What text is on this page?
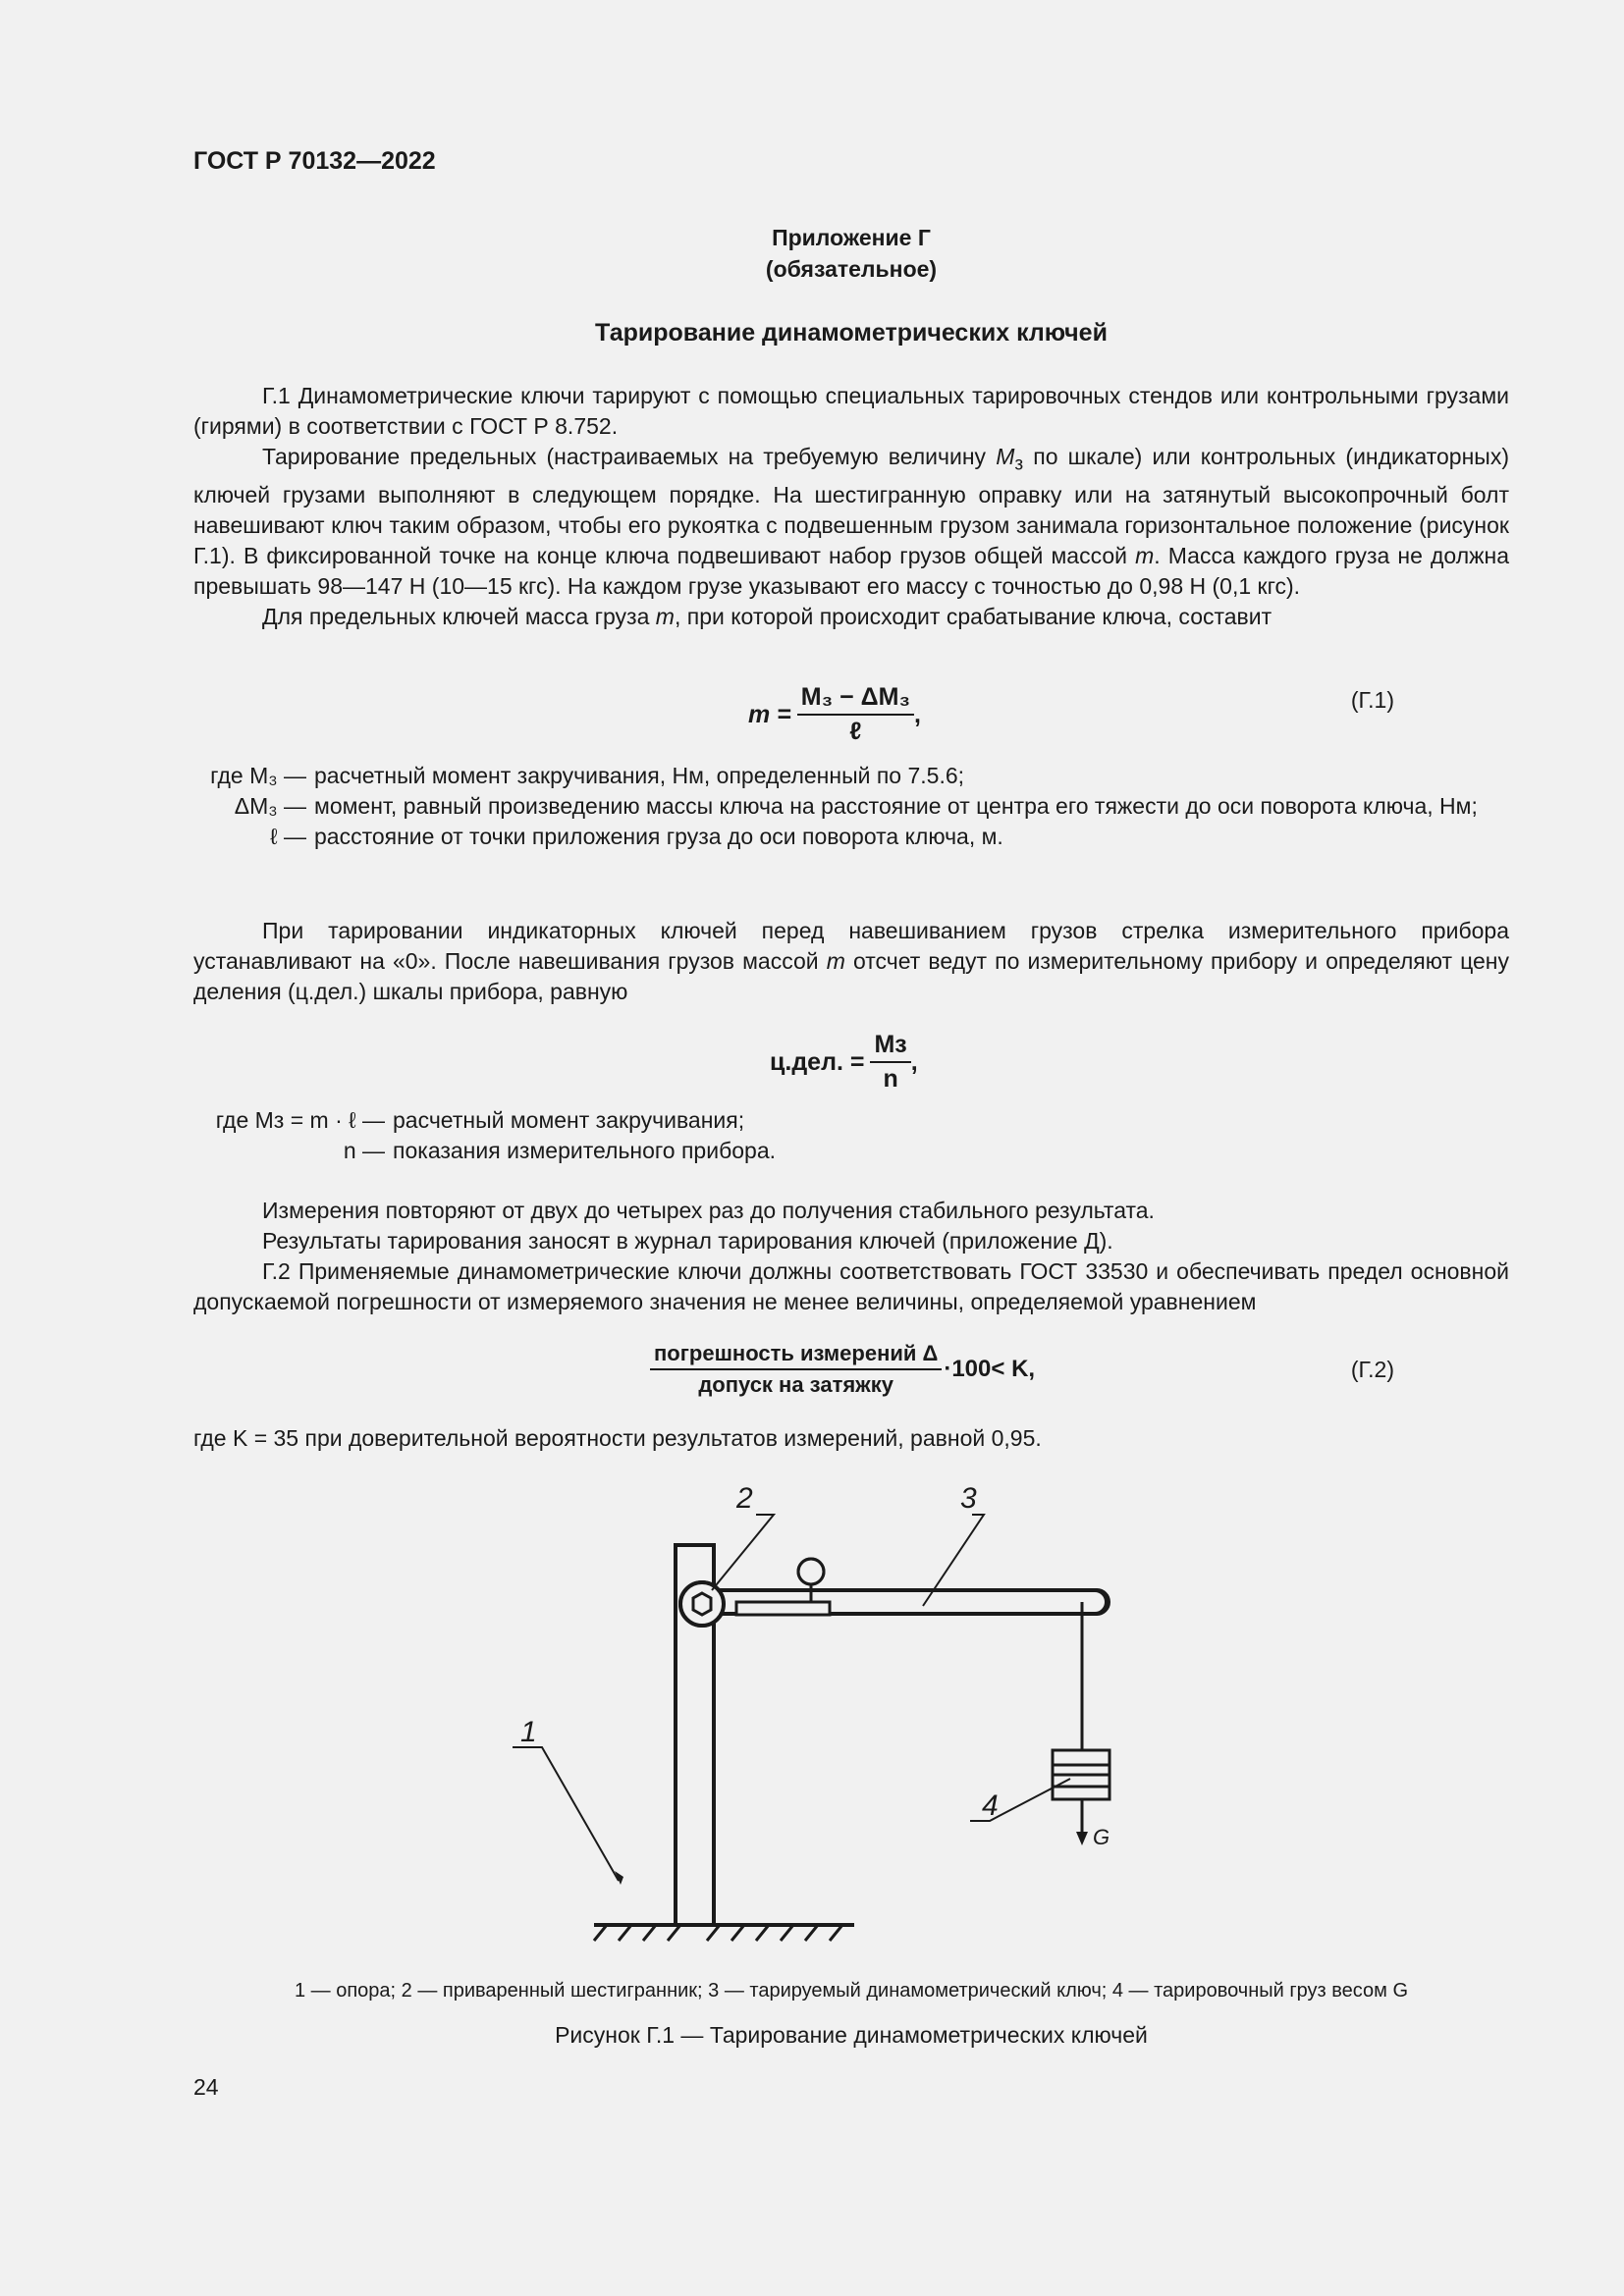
ГОСТ Р 70132—2022
Приложение Г
(обязательное)
Тарирование динамометрических ключей

Г.1 Динамометрические ключи тарируют с помощью специальных тарировочных стендов или контрольными грузами (гирями) в соответствии с ГОСТ Р 8.752.

Тарирование предельных (настраиваемых на требуемую величину $М_з$ по шкале) или контрольных (индикаторных) ключей грузами выполняют в следующем порядке. На шестигранную оправку или на затянутый высокопрочный болт навешивают ключ таким образом, чтобы его рукоятка с подвешенным грузом занимала горизонтальное положение (рисунок Г.1). В фиксированной точке на конце ключа подвешивают набор грузов общей массой m. Масса каждого груза не должна превышать 98—147 Н (10—15 кгс). На каждом грузе указывают его массу с точностью до 0,98 Н (0,1 кгс).

Для предельных ключей масса груза m, при которой происходит срабатывание ключа, составит

$m = \frac{\text{M₃ − ΔM₃}}{\text{ℓ}}$ ,
(Г.1)
где M₃ — расчетный момент закручивания, Нм, определенный по 7.5.6;
ΔM₃ — момент, равный произведению массы ключа на расстояние от центра его тяжести до оси поворота ключа, Нм;
ℓ — расстояние от точки приложения груза до оси поворота ключа, м.

При тарировании индикаторных ключей перед навешиванием грузов стрелка измерительного прибора устанавливают на «0». После навешивания грузов массой m отсчет ведут по измерительному прибору и определяют цену деления (ц.дел.) шкалы прибора, равную

ц.дел. = $\frac{Mз}{n}$ ,
где Mз = m · ℓ — расчетный момент закручивания;
n — показания измерительного прибора.

Измерения повторяют от двух до четырех раз до получения стабильного результата.

Результаты тарирования заносят в журнал тарирования ключей (приложение Д).

Г.2 Применяемые динамометрические ключи должны соответствовать ГОСТ 33530 и обеспечивать предел основной допускаемой погрешности от измеряемого значения не менее величины, определяемой уравнением

$\frac{\text{погрешность измерений Δ}}{\text{допуск на затяжку}} \cdot 100< K$,	(Г.2)

где K = 35 при доверительной вероятности результатов измерений, равной 0,95.

1
2	3
4
G
1 — опора; 2 — приваренный шестигранник; 3 — тарируемый динамометрический ключ; 4 — тарировочный груз весом G
Рисунок Г.1 — Тарирование динамометрических ключей
24
